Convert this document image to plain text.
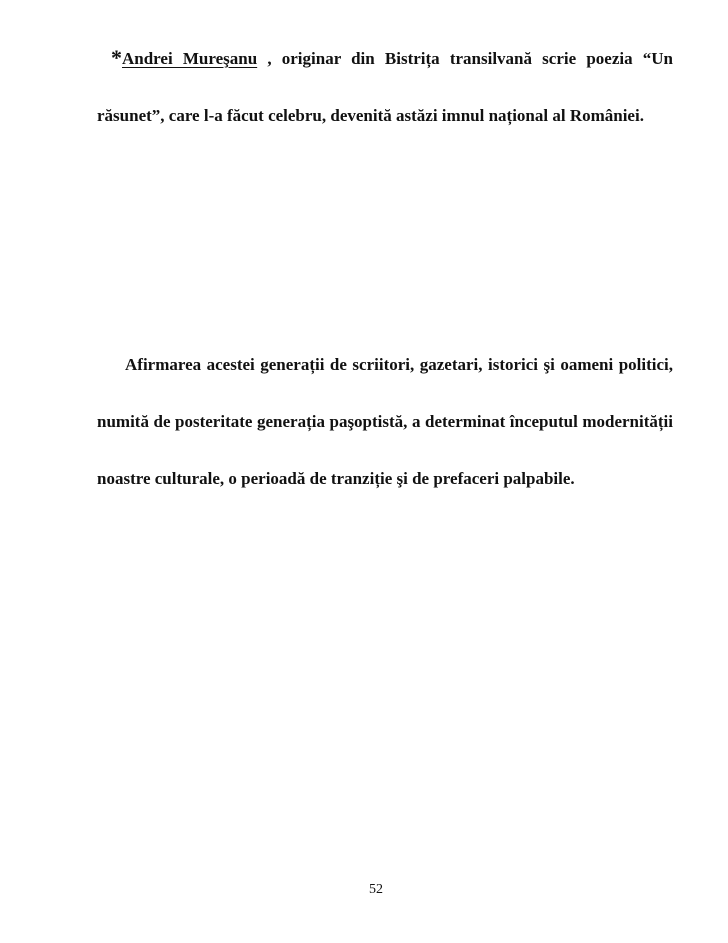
*Andrei Mureşanu , originar din Bistrița transilvană scrie poezia “Un răsunet”, care l-a făcut celebru, devenită astăzi imnul național al României.

Afirmarea acestei generații de scriitori, gazetari, istorici şi oameni politici, numită de posteritate generația paşoptistă, a determinat începutul modernității noastre culturale, o perioadă de tranziție şi de prefaceri palpabile.

52
